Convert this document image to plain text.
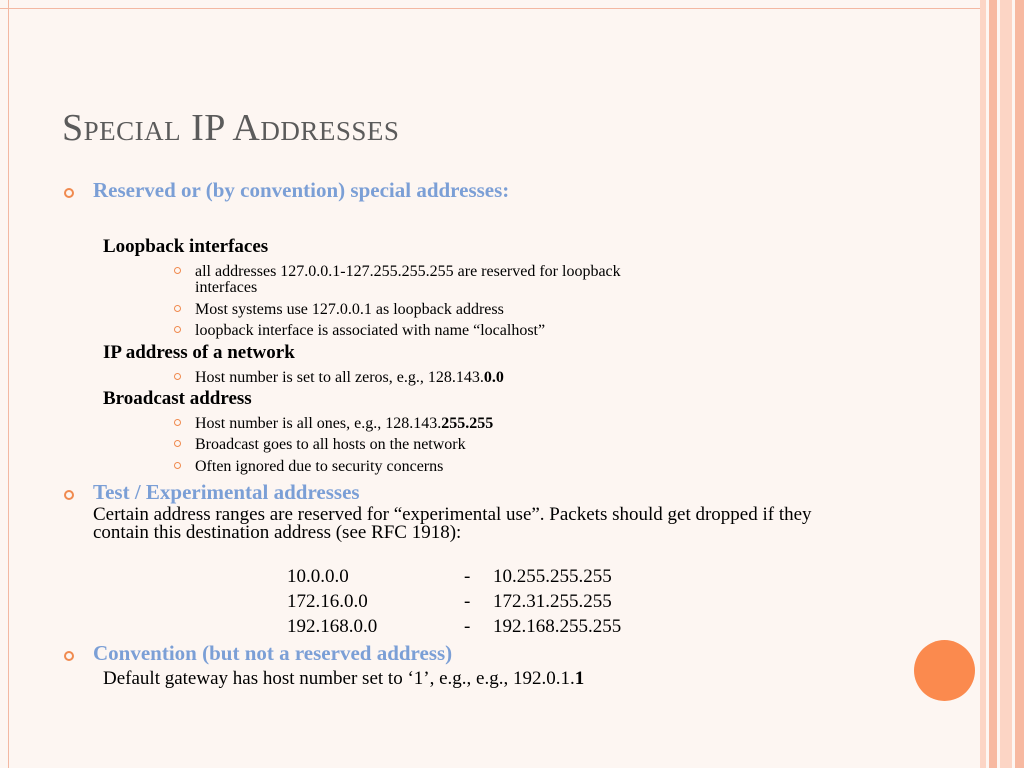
Special IP Addresses

Reserved or (by convention) special addresses:

Loopback interfaces

all addresses 127.0.0.1-127.255.255.255 are reserved for loopback

interfaces

Most systems use 127.0.0.1 as loopback address

loopback interface is associated with name “localhost”

IP address of a network

Host number is set to all zeros, e.g., 128.143.0.0

Broadcast address

Host number is all ones, e.g., 128.143.255.255

Broadcast goes to all hosts on the network

Often ignored due to security concerns

Test / Experimental addresses

Certain address ranges are reserved for “experimental use”. Packets should get dropped if they contain this destination address (see RFC 1918):

10.0.0.0	- 10.255.255.255

172.16.0.0	- 172.31.255.255

192.168.0.0	- 192.168.255.255

Convention (but not a reserved address)

Default gateway has host number set to ‘1’, e.g., e.g., 192.0.1.1
